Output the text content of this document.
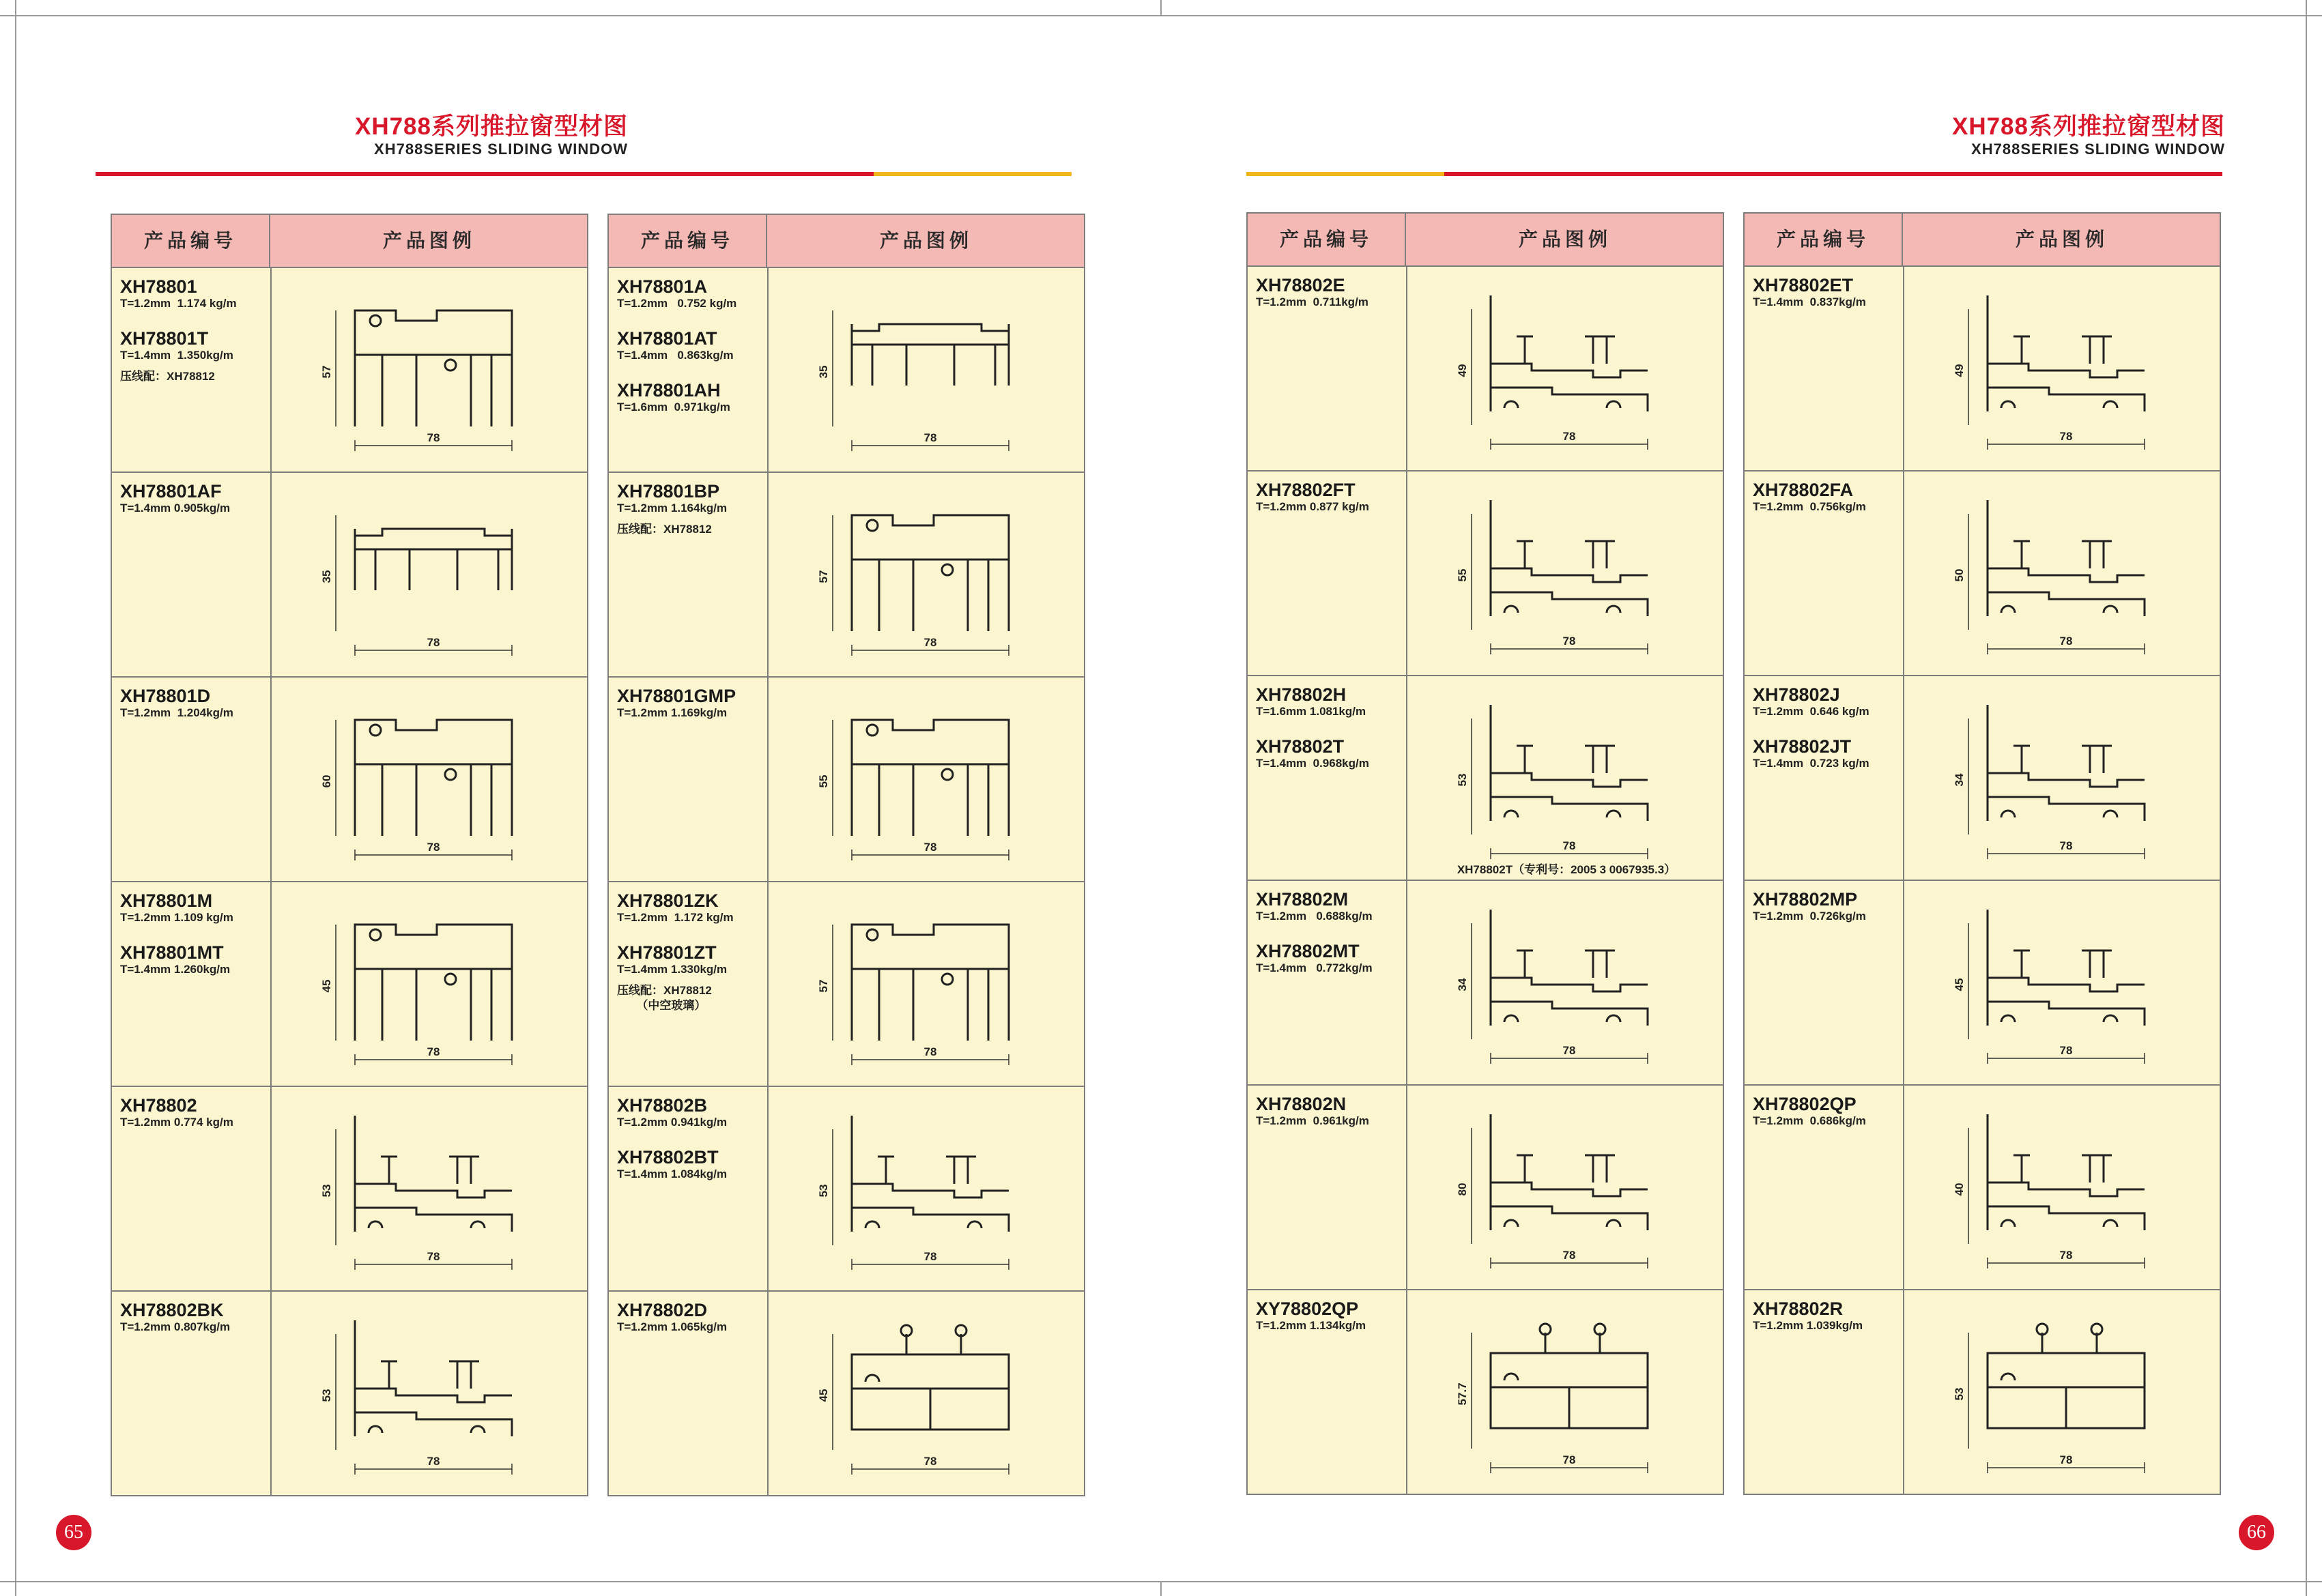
XH788系列推拉窗型材图
XH788SERIES SLIDING WINDOW
XH788系列推拉窗型材图
XH788SERIES SLIDING WINDOW
产品编号	产品图例
XH78801
T=1.2mm  1.174 kg/m
XH78801T
T=1.4mm  1.350kg/m
压线配：XH78812	57
78
XH78801AF
T=1.4mm 0.905kg/m
35
78
XH78801D
T=1.2mm  1.204kg/m
60
78
XH78801M
T=1.2mm 1.109 kg/m
XH78801MT
T=1.4mm 1.260kg/m
45
78
XH78802
T=1.2mm 0.774 kg/m
53
78
XH78802BK
T=1.2mm 0.807kg/m
53
78
产品编号	产品图例
XH78801A
T=1.2mm   0.752 kg/m
XH78801AT
T=1.4mm   0.863kg/m
XH78801AH
T=1.6mm  0.971kg/m
35
78
XH78801BP
T=1.2mm 1.164kg/m
压线配：XH78812
57
78
XH78801GMP
T=1.2mm 1.169kg/m
55
78
XH78801ZK
T=1.2mm  1.172 kg/m
XH78801ZT
T=1.4mm 1.330kg/m
压线配：XH78812
（中空玻璃）
57
78
XH78802B
T=1.2mm 0.941kg/m
XH78802BT
T=1.4mm 1.084kg/m
53
78
XH78802D
T=1.2mm 1.065kg/m
45
78
产品编号	产品图例
XH78802E
T=1.2mm  0.711kg/m
49
78
XH78802FT
T=1.2mm 0.877 kg/m
55
78
XH78802H
T=1.6mm 1.081kg/m
XH78802T
T=1.4mm  0.968kg/m
53
78
XH78802T（专利号：2005 3 0067935.3）
XH78802M
T=1.2mm   0.688kg/m
XH78802MT
T=1.4mm   0.772kg/m
34
78
XH78802N
T=1.2mm  0.961kg/m
80
78
XY78802QP
T=1.2mm 1.134kg/m
57.7
78
产品编号	产品图例
XH78802ET
T=1.4mm  0.837kg/m
49
78
XH78802FA
T=1.2mm  0.756kg/m
50
78
XH78802J
T=1.2mm  0.646 kg/m
XH78802JT
T=1.4mm  0.723 kg/m
34
78
XH78802MP
T=1.2mm  0.726kg/m
45
78
XH78802QP
T=1.2mm  0.686kg/m
40
78
XH78802R
T=1.2mm 1.039kg/m
53
78
65	66
